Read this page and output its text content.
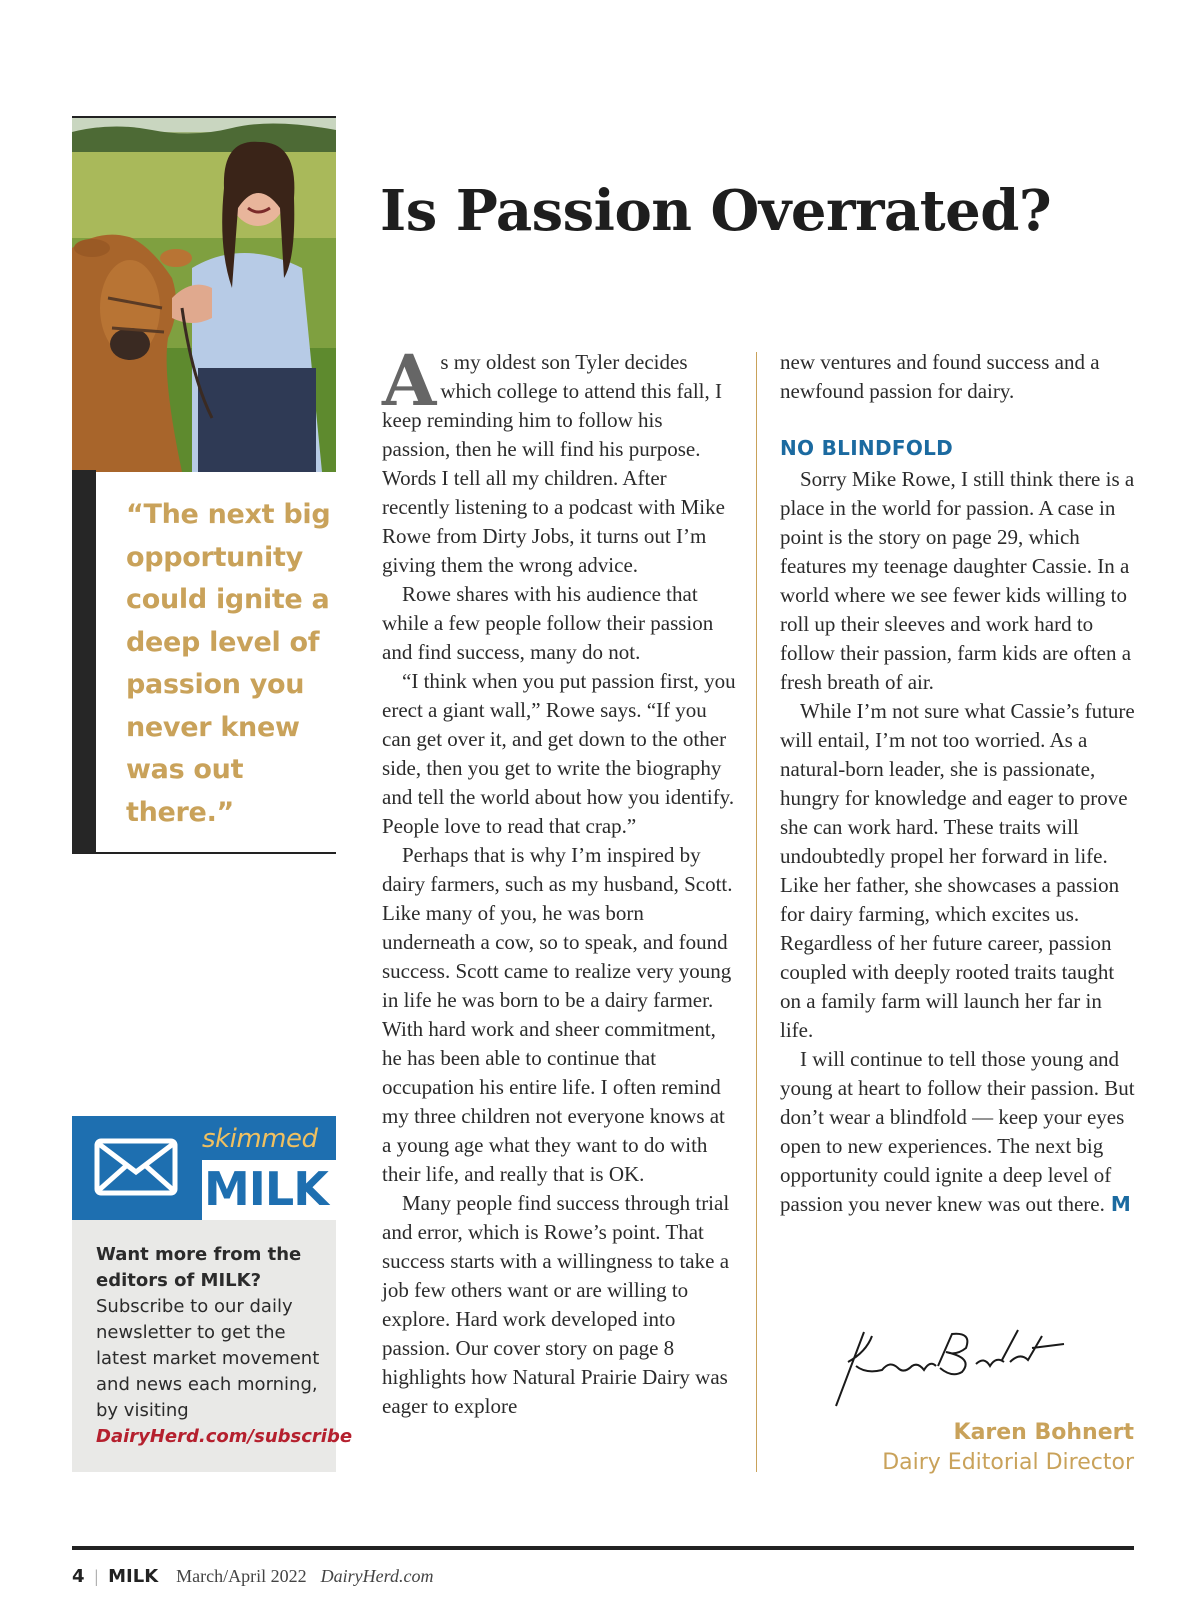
“The next big opportunity could ignite a deep level of passion you never knew was out there.”

Is Passion Overrated?

As my oldest son Tyler decides which college to attend this fall, I keep reminding him to follow his passion, then he will find his purpose. Words I tell all my children. After recently listening to a podcast with Mike Rowe from Dirty Jobs, it turns out I’m giving them the wrong advice.

Rowe shares with his audience that while a few people follow their passion and find success, many do not.

“I think when you put passion first, you erect a giant wall,” Rowe says. “If you can get over it, and get down to the other side, then you get to write the biography and tell the world about how you identify. People love to read that crap.”

Perhaps that is why I’m inspired by dairy farmers, such as my husband, Scott. Like many of you, he was born underneath a cow, so to speak, and found success. Scott came to realize very young in life he was born to be a dairy farmer. With hard work and sheer commitment, he has been able to continue that occupation his entire life. I often remind my three children not everyone knows at a young age what they want to do with their life, and really that is OK.

Many people find success through trial and error, which is Rowe’s point. That success starts with a willingness to take a job few others want or are willing to explore. Hard work developed into passion. Our cover story on page 8 highlights how Natural Prairie Dairy was eager to explore

new ventures and found success and a newfound passion for dairy.

NO BLINDFOLD

Sorry Mike Rowe, I still think there is a place in the world for passion. A case in point is the story on page 29, which features my teenage daughter Cassie. In a world where we see fewer kids willing to roll up their sleeves and work hard to follow their passion, farm kids are often a fresh breath of air.

While I’m not sure what Cassie’s future will entail, I’m not too worried. As a natural-born leader, she is passionate, hungry for knowledge and eager to prove she can work hard. These traits will undoubtedly propel her forward in life. Like her father, she showcases a passion for dairy farming, which excites us. Regardless of her future career, passion coupled with deeply rooted traits taught on a family farm will launch her far in life.

I will continue to tell those young and young at heart to follow their passion. But don’t wear a blindfold — keep your eyes open to new experiences. The next big opportunity could ignite a deep level of passion you never knew was out there. M

Karen Bohnert
Dairy Editorial Director
skimmed
MILK

Want more from the editors of MILK? Subscribe to our daily newsletter to get the latest market movement and news each morning, by visiting DairyHerd.com/subscribe

4 | MILK March/April 2022 DairyHerd.com
